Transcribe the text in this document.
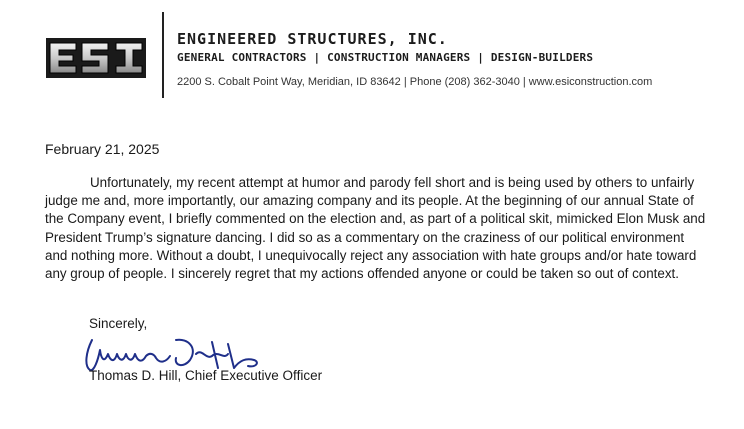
ENGINEERED STRUCTURES, INC.
GENERAL CONTRACTORS | CONSTRUCTION MANAGERS | DESIGN-BUILDERS
2200 S. Cobalt Point Way, Meridian, ID 83642 | Phone (208) 362-3040 | www.esiconstruction.com
February 21, 2025
Unfortunately, my recent attempt at humor and parody fell short and is being used by others to unfairly judge me and, more importantly, our amazing company and its people. At the beginning of our annual State of the Company event, I briefly commented on the election and, as part of a political skit, mimicked Elon Musk and President Trump’s signature dancing. I did so as a commentary on the craziness of our political environment and nothing more. Without a doubt, I unequivocally reject any association with hate groups and/or hate toward any group of people. I sincerely regret that my actions offended anyone or could be taken so out of context.
Sincerely,
Thomas D. Hill, Chief Executive Officer
